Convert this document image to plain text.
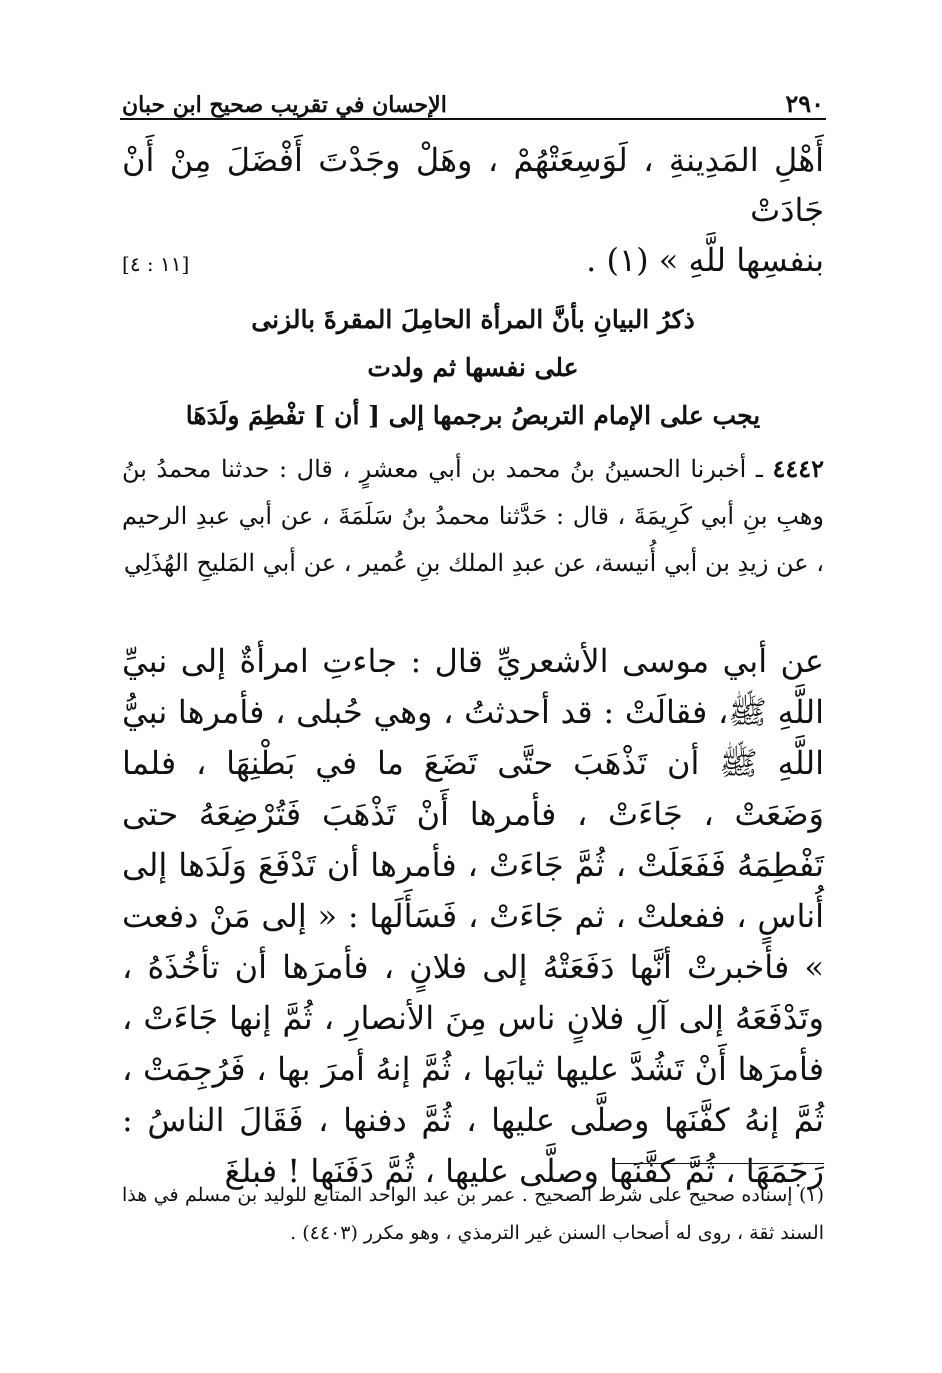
الإحسان في تقريب صحيح ابن حبان	٢٩٠
أَهْلِ المَدِينةِ ، لَوَسِعَتْهُمْ ، وهَلْ وجَدْتَ أَفْضَلَ مِنْ أَنْ جَادَتْ
بنفسِها للَّهِ » (١) .
[١١ : ٤]
ذكرُ البيانِ بأنَّ المرأة الحامِلَ المقرةَ بالزنى
على نفسها ثم ولدت
يجب على الإمام التربصُ برجمها إلى [ أن ] تفْطِمَ ولَدَهَا
٤٤٤٢ ـ أخبرنا الحسينُ بنُ محمد بن أبي معشرٍ ، قال : حدثنا محمدُ بنُ وهبِ بنِ أبي كَرِيمَةَ ، قال : حَدَّثنا محمدُ بنُ سَلَمَةَ ، عن أبي عبدِ الرحيم ، عن زيدِ بن أبي أُنيسة، عن عبدِ الملك بنِ عُمير ، عن أبي المَليحِ الهُذَلِي
عن أبي موسى الأشعريِّ قال : جاءتِ امرأةٌ إلى نبيِّ اللَّهِ ﷺ، فقالَتْ : قد أحدثتُ ، وهي حُبلى ، فأمرها نبيُّ اللَّهِ ﷺ أن تَذْهَبَ حتَّى تَضَعَ ما في بَطْنِهَا ، فلما وَضَعَتْ ، جَاءَتْ ، فأمرها أَنْ تَذْهَبَ فَتُرْضِعَهُ حتى تَفْطِمَهُ فَفَعَلَتْ ، ثُمَّ جَاءَتْ ، فأمرها أن تَدْفَعَ وَلَدَها إلى أُناسٍ ، ففعلتْ ، ثم جَاءَتْ ، فَسَأَلَها : « إلى مَنْ دفعت » فأخبرتْ أنَّها دَفَعَتْهُ إلى فلانٍ ، فأمرَها أن تأخُذَهُ ، وتَدْفَعَهُ إلى آلِ فلانٍ ناس مِنَ الأنصارِ ، ثُمَّ إنها جَاءَتْ ، فأمرَها أَنْ تَشُدَّ عليها ثيابَها ، ثُمَّ إنهُ أمرَ بها ، فَرُجِمَتْ ، ثُمَّ إنهُ كفَّنَها وصلَّى عليها ، ثُمَّ دفنها ، فَقَالَ الناسُ : رَجَمَهَا ، ثُمَّ كفَّنَها وصلَّى عليها ، ثُمَّ دَفَنَها ! فبلغَ
(١) إسناده صحيح على شرط الصحيح . عمر بن عبد الواحد المتابع للوليد بن مسلم في هذا السند ثقة ، روى له أصحاب السنن غير الترمذي ، وهو مكرر (٤٤٠٣) .
